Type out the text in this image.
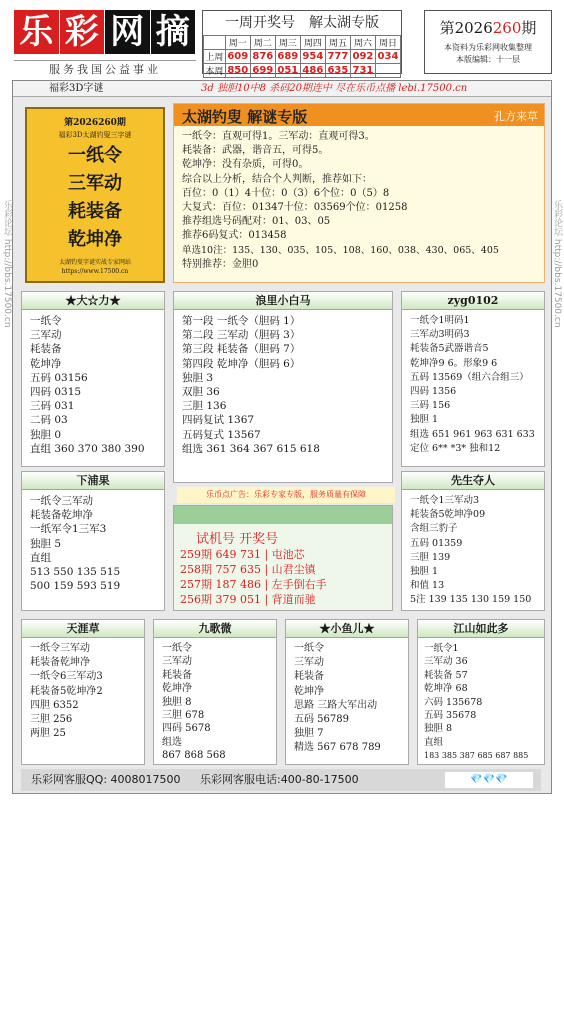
乐 彩 网 摘
服务我国公益事业
一周开奖号　解太湖专版
	周一	周二	周三	周四	周五	周六	周日
上周	609	876	689	954	777	092	034
本周	850	699	051	486	635	731	
第2026260期
本资料为乐彩网收集整理
本版编辑：十一层
乐彩论坛 http://bbs.17500.cn	乐彩论坛 http://bbs.17500.cn
福彩3D字谜	3d 独胆10中8 杀码20期连中 尽在乐币点播 lebi.17500.cn
第2026260期
福彩3D太湖钓叟三字谜
一纸令
三军动
耗装备
乾坤净
太湖钓叟字谜实战专家网站
https://www.17500.cn
太湖钓叟 解谜专版	孔方来草
一纸令：直观可得1。三军动：直观可得3。
耗装备：武器，谐音五，可得5。
乾坤净：没有杂质，可得0。
综合以上分析，结合个人判断，推荐如下：
百位：0（1）4十位：0（3）6个位：0（5）8
大复式：百位：01347十位：03569个位：01258
推荐组选号码配对：01、03、05
推荐6码复式：013458
单选10注：135、130、035、105、108、160、038、430、065、405
特别推荐：金胆0
★大☆力★
一纸令
三军动
耗装备
乾坤净
五码 03156
四码 0315
三码 031
二码 03
独胆 0
直组 360 370 380 390
浪里小白马
第一段 一纸令（胆码 1）
第二段 三军动（胆码 3）
第三段 耗装备（胆码 7）
第四段 乾坤净（胆码 6）
独胆 3
双胆 36
三胆 136
四码复试 1367
五码复式 13567
组选 361 364 367 615 618
乐币点广告：乐彩专家专版，服务质量有保障
zyg0102
一纸令1明码1
三军动3明码3
耗装备5武器谐音5
乾坤净9 6。形象9 6
五码 13569（组六合组三）
四码 1356
三码 156
独胆 1
组选 651 961 963 631 633
定位 6** *3* 独和12
下浦果
一纸令三军动
耗装备乾坤净
一纸军令1三军3
独胆 5
直组
513 550 135 515
500 159 593 519
试机号 开奖号
259期 649 731 | 屯池芯
258期 757 635 | 山君尘镇
257期 187 486 | 左手倒右手
256期 379 051 | 背道而驰
先生夺人
一纸令1三军动3
耗装备5乾坤净09
含组三豹子
五码 01359
三胆 139
独胆 1
和值 13
5注 139 135 130 159 150
天涯草
一纸令三军动
耗装备乾坤净
一纸令6三军动3
耗装备5乾坤净2
四胆 6352
三胆 256
两胆 25
九歌微
一纸令
三军动
耗装备
乾坤净
独胆 8
三胆 678
四码 5678
组选
867 868 568
★小鱼儿★
一纸令
三军动
耗装备
乾坤净
思路 三路大军出动
五码 56789
独胆 7
精选 567 678 789
江山如此多
一纸令1
三军动 36
耗装备 57
乾坤净 68
六码 135678
五码 35678
独胆 8
直组
183 385 387 685 687 885
乐彩网客服QQ: 4008017500 乐彩网客服电话:400-80-17500	💎💎💎
